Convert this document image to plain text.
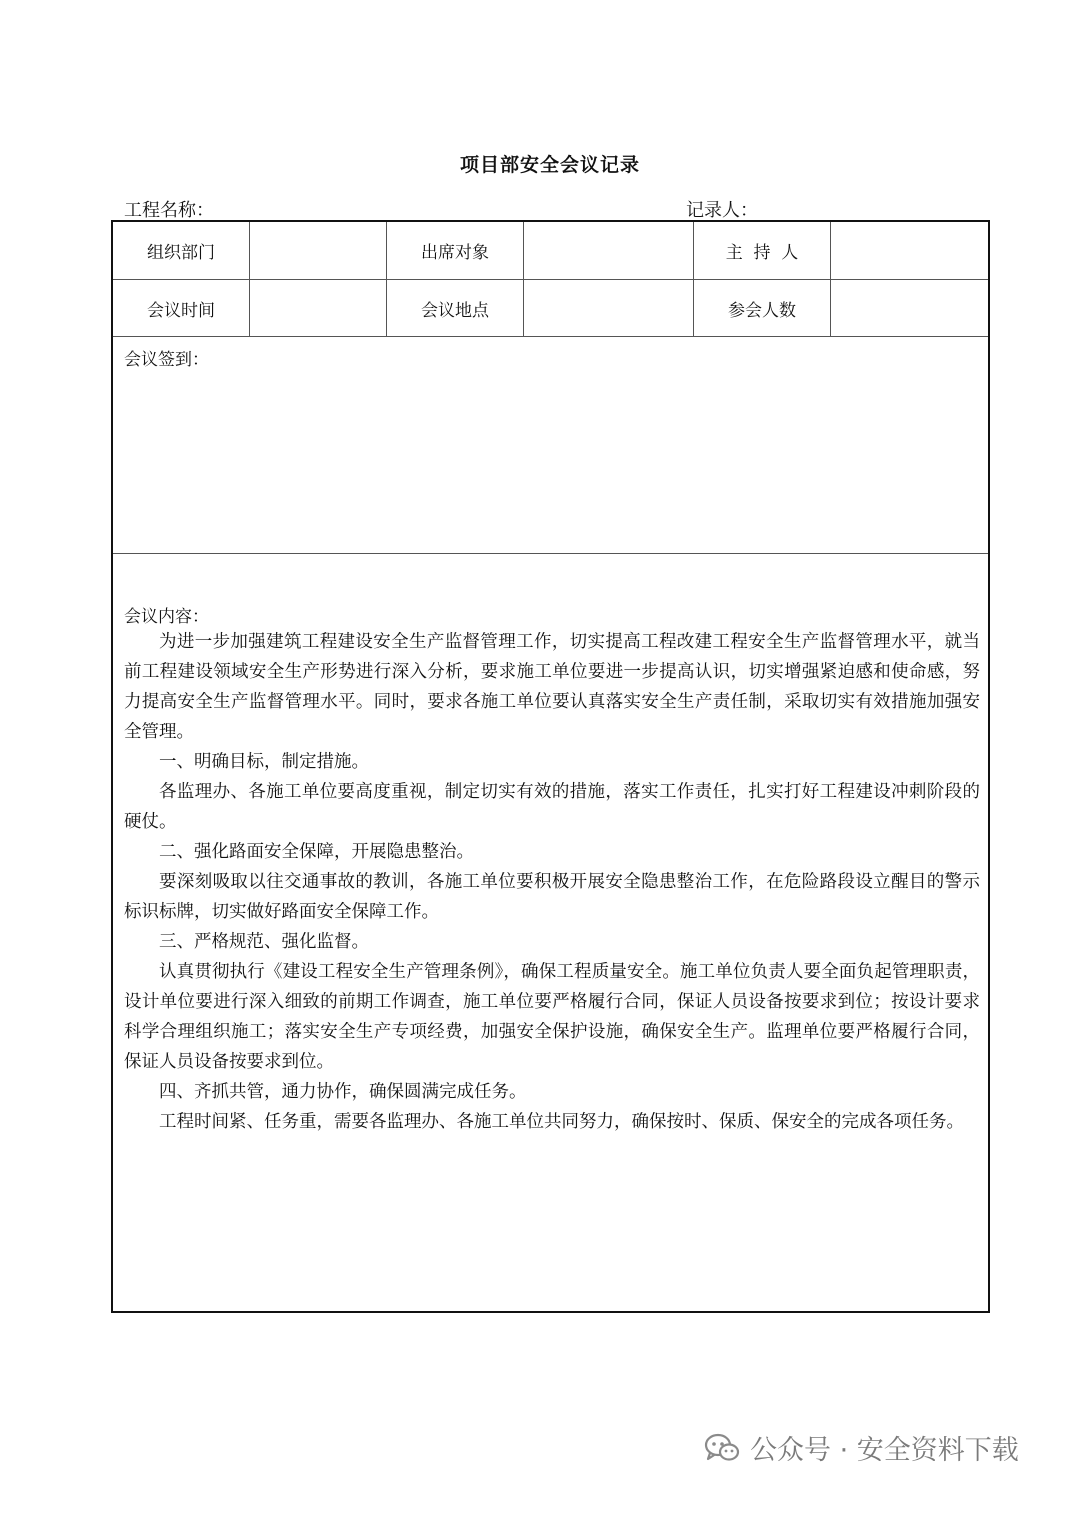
项目部安全会议记录
工程名称：	记录人：
组织部门	出席对象	主  持  人
会议时间	会议地点	参会人数
会议签到：
会议内容：

为进一步加强建筑工程建设安全生产监督管理工作，切实提高工程改建工程安全生产监督管理水平，就当前工程建设领域安全生产形势进行深入分析，要求施工单位要进一步提高认识，切实增强紧迫感和使命感，努力提高安全生产监督管理水平。同时，要求各施工单位要认真落实安全生产责任制，采取切实有效措施加强安全管理。

一、明确目标，制定措施。

各监理办、各施工单位要高度重视，制定切实有效的措施，落实工作责任，扎实打好工程建设冲刺阶段的硬仗。

二、强化路面安全保障，开展隐患整治。

要深刻吸取以往交通事故的教训，各施工单位要积极开展安全隐患整治工作，在危险路段设立醒目的警示标识标牌，切实做好路面安全保障工作。

三、严格规范、强化监督。

认真贯彻执行《建设工程安全生产管理条例》，确保工程质量安全。施工单位负责人要全面负起管理职责，设计单位要进行深入细致的前期工作调查，施工单位要严格履行合同，保证人员设备按要求到位；按设计要求科学合理组织施工；落实安全生产专项经费，加强安全保护设施，确保安全生产。监理单位要严格履行合同，保证人员设备按要求到位。

四、齐抓共管，通力协作，确保圆满完成任务。

工程时间紧、任务重，需要各监理办、各施工单位共同努力，确保按时、保质、保安全的完成各项任务。

公众号 · 安全资料下载
